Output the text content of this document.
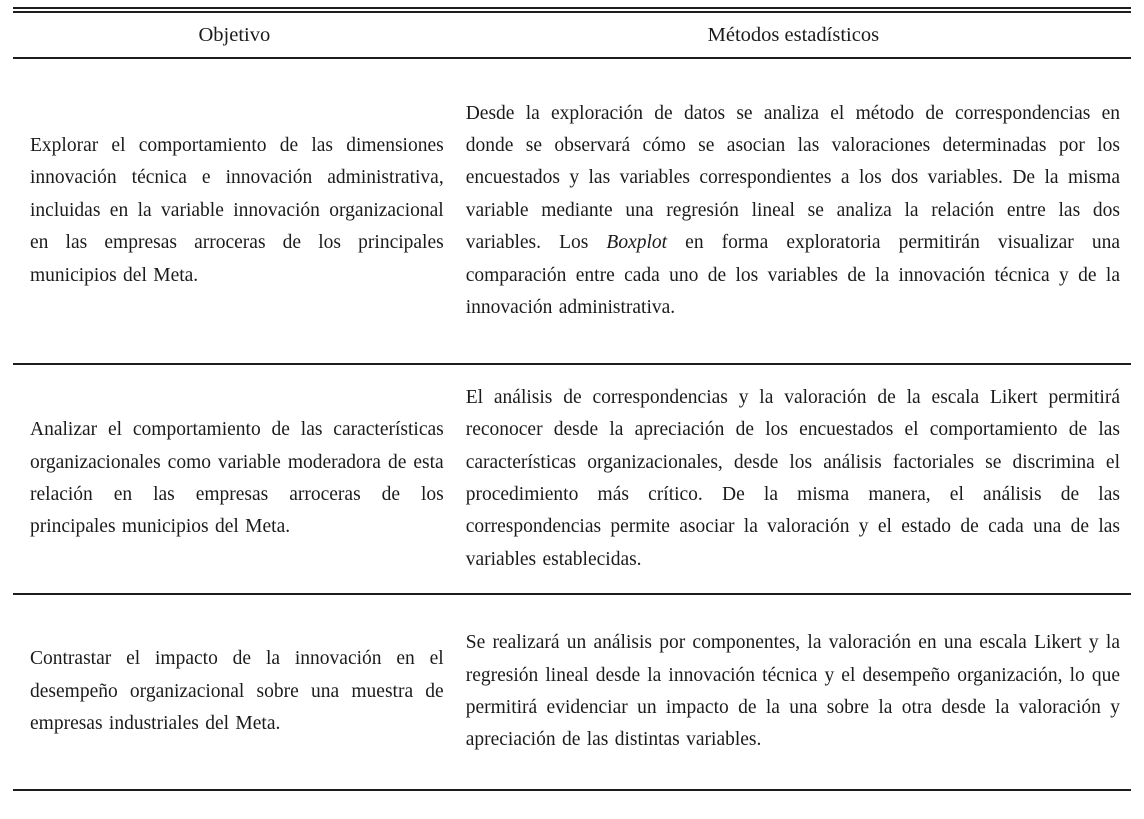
Objetivo	Métodos estadísticos

Explorar el comportamiento de las dimensiones innovación técnica e innovación administrativa, incluidas en la variable innovación organizacional en las empresas arroceras de los principales municipios del Meta.

Desde la exploración de datos se analiza el método de correspondencias en donde se observará cómo se asocian las valoraciones determinadas por los encuestados y las variables correspondientes a los dos variables. De la misma variable mediante una regresión lineal se analiza la relación entre las dos variables. Los Boxplot en forma exploratoria permitirán visualizar una comparación entre cada uno de los variables de la innovación técnica y de la innovación administrativa.

Analizar el comportamiento de las características organizacionales como variable moderadora de esta relación en las empresas arroceras de los principales municipios del Meta.

El análisis de correspondencias y la valoración de la escala Likert permitirá reconocer desde la apreciación de los encuestados el comportamiento de las características organizacionales, desde los análisis factoriales se discrimina el procedimiento más crítico. De la misma manera, el análisis de las correspondencias permite asociar la valoración y el estado de cada una de las variables establecidas.

Contrastar el impacto de la innovación en el desempeño organizacional sobre una muestra de empresas industriales del Meta.

Se realizará un análisis por componentes, la valoración en una escala Likert y la regresión lineal desde la innovación técnica y el desempeño organización, lo que permitirá evidenciar un impacto de la una sobre la otra desde la valoración y apreciación de las distintas variables.
